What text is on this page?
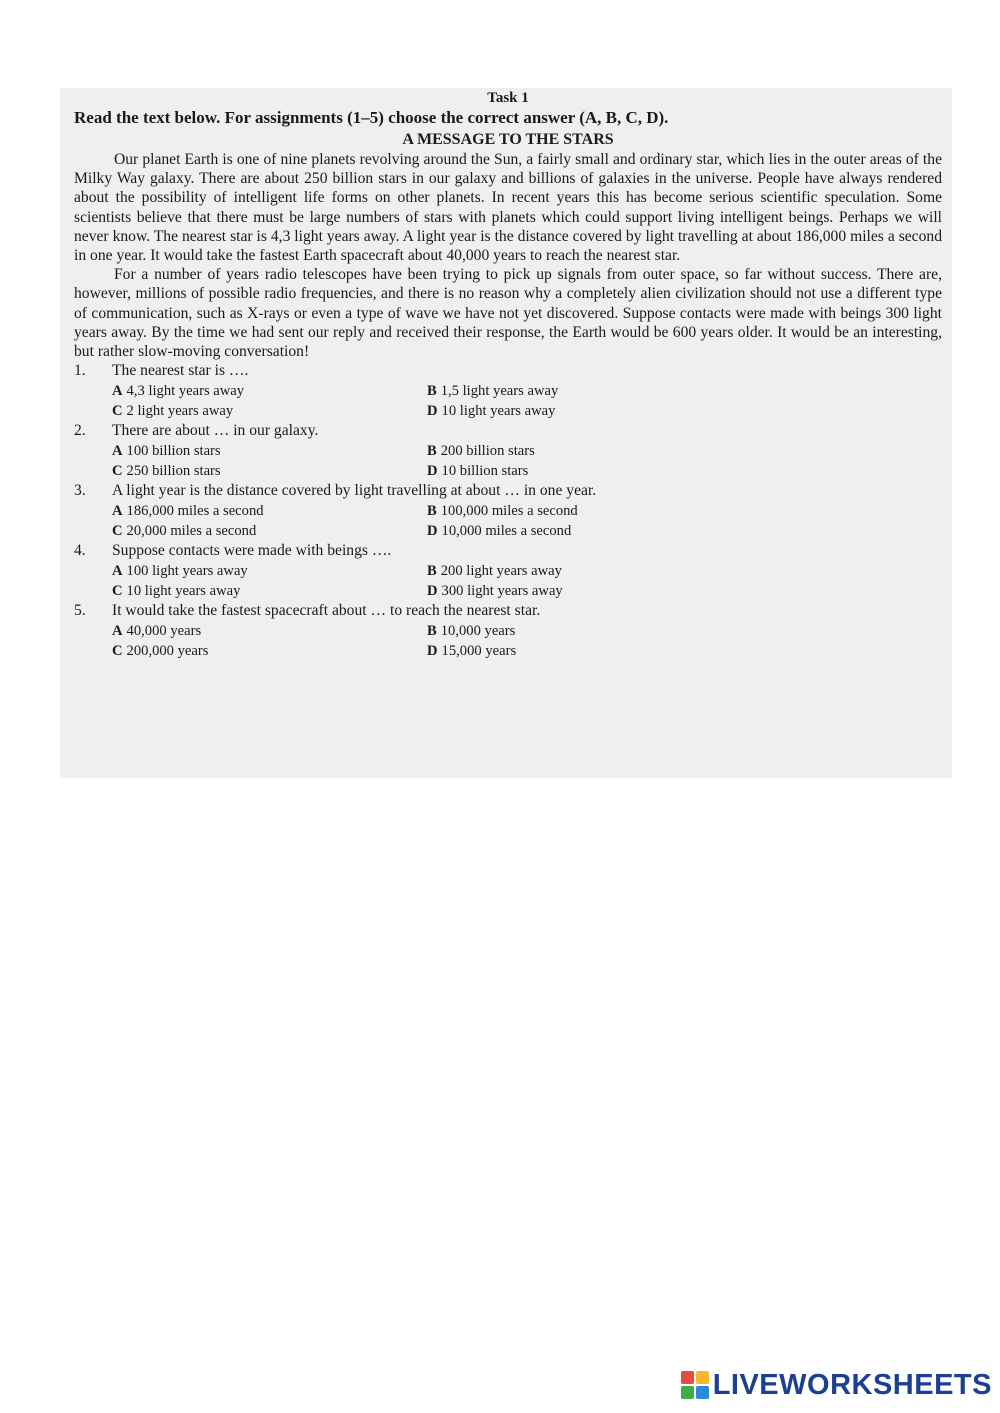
Task 1
Read the text below. For assignments (1–5) choose the correct answer (A, B, C, D).
A MESSAGE TO THE STARS

Our planet Earth is one of nine planets revolving around the Sun, a fairly small and ordinary star, which lies in the outer areas of the Milky Way galaxy. There are about 250 billion stars in our galaxy and billions of galaxies in the universe. People have always rendered about the possibility of intelligent life forms on other planets. In recent years this has become serious scientific speculation. Some scientists believe that there must be large numbers of stars with planets which could support living intelligent beings. Perhaps we will never know. The nearest star is 4,3 light years away. A light year is the distance covered by light travelling at about 186,000 miles a second in one year. It would take the fastest Earth spacecraft about 40,000 years to reach the nearest star.

For a number of years radio telescopes have been trying to pick up signals from outer space, so far without success. There are, however, millions of possible radio frequencies, and there is no reason why a completely alien civilization should not use a different type of communication, such as X-rays or even a type of wave we have not yet discovered. Suppose contacts were made with beings 300 light years away. By the time we had sent our reply and received their response, the Earth would be 600 years older. It would be an interesting, but rather slow-moving conversation!

1.	The nearest star is ….
A 4,3 light years away	B 1,5 light years away
C 2 light years away	D 10 light years away
2.	There are about … in our galaxy.
A 100 billion stars	B 200 billion stars
C 250 billion stars	D 10 billion stars
3.	A light year is the distance covered by light travelling at about … in one year.
A 186,000 miles a second	B 100,000 miles a second
C 20,000 miles a second	D 10,000 miles a second
4.	Suppose contacts were made with beings ….
A 100 light years away	B 200 light years away
C 10 light years away	D 300 light years away
5.	It would take the fastest spacecraft about … to reach the nearest star.
A 40,000 years	B 10,000 years
C 200,000 years	D 15,000 years
LIVEWORKSHEETS
